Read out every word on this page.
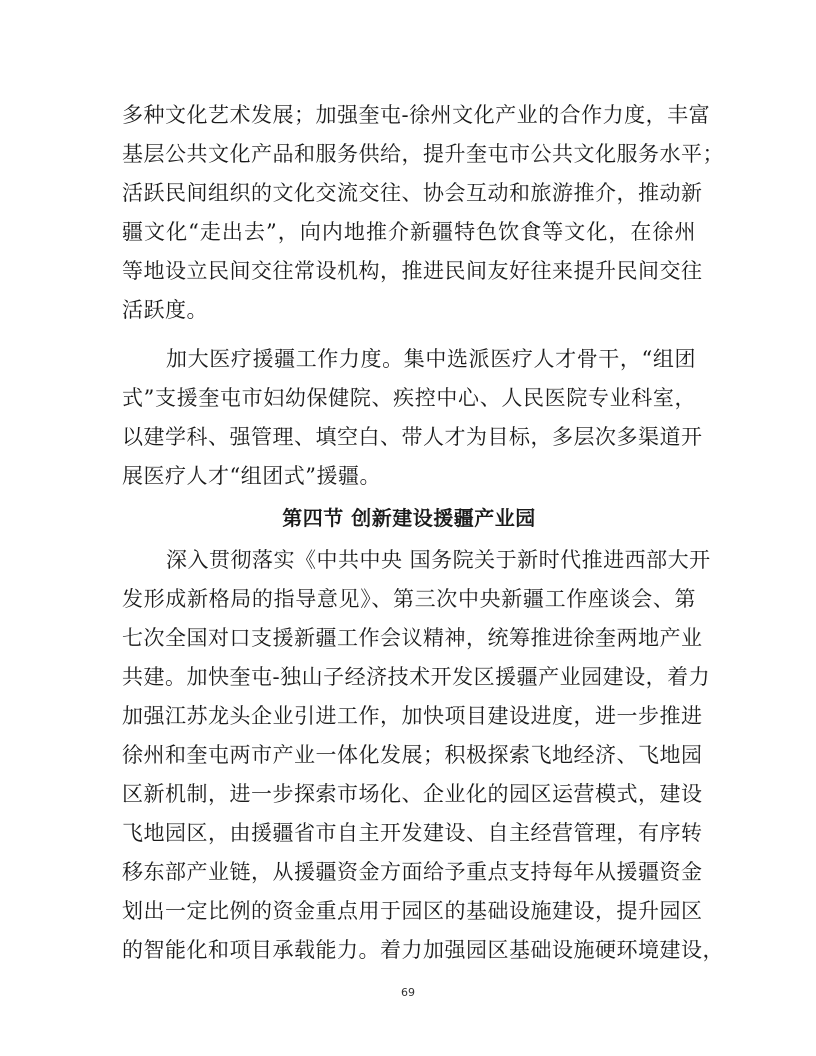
多种文化艺术发展；加强奎屯-徐州文化产业的合作力度，丰富
基层公共文化产品和服务供给，提升奎屯市公共文化服务水平；
活跃民间组织的文化交流交往、协会互动和旅游推介，推动新
疆文化“走出去”，向内地推介新疆特色饮食等文化，在徐州
等地设立民间交往常设机构，推进民间友好往来提升民间交往
活跃度。
加大医疗援疆工作力度。集中选派医疗人才骨干，“组团
式”支援奎屯市妇幼保健院、疾控中心、人民医院专业科室，
以建学科、强管理、填空白、带人才为目标，多层次多渠道开
展医疗人才“组团式”援疆。
第四节 创新建设援疆产业园
深入贯彻落实《中共中央 国务院关于新时代推进西部大开
发形成新格局的指导意见》、第三次中央新疆工作座谈会、第
七次全国对口支援新疆工作会议精神，统筹推进徐奎两地产业
共建。加快奎屯-独山子经济技术开发区援疆产业园建设，着力
加强江苏龙头企业引进工作，加快项目建设进度，进一步推进
徐州和奎屯两市产业一体化发展；积极探索飞地经济、飞地园
区新机制，进一步探索市场化、企业化的园区运营模式，建设
飞地园区，由援疆省市自主开发建设、自主经营管理，有序转
移东部产业链，从援疆资金方面给予重点支持每年从援疆资金
划出一定比例的资金重点用于园区的基础设施建设，提升园区
的智能化和项目承载能力。着力加强园区基础设施硬环境建设，
69
